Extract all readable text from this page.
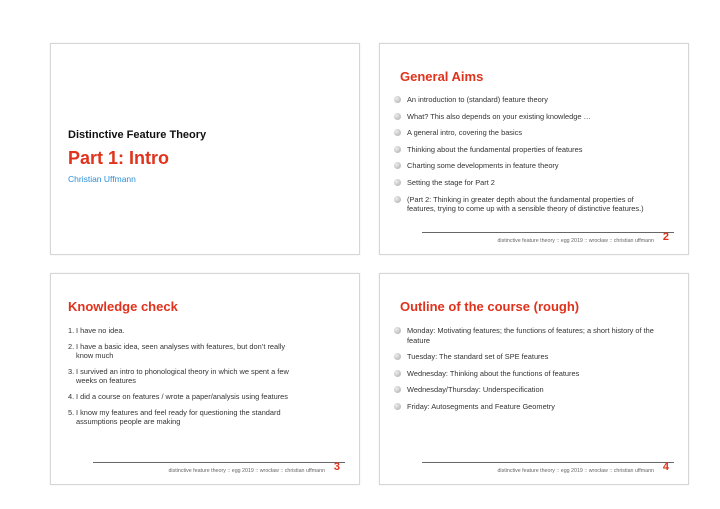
Distinctive Feature Theory
Part 1: Intro
Christian Uffmann
General Aims
An introduction to (standard) feature theory
What? This also depends on your existing knowledge …
A general intro, covering the basics
Thinking about the fundamental properties of features
Charting some developments in feature theory
Setting the stage for Part 2
(Part 2: Thinking in greater depth about the fundamental properties of features, trying to come up with a sensible theory of distinctive features.)
distinctive feature theory :: egg 2019 :: wrocław :: christian uffmann 2
Knowledge check
1. I have no idea.
2. I have a basic idea, seen analyses with features, but don’t really know much
3. I survived an intro to phonological theory in which we spent a few weeks on features
4. I did a course on features / wrote a paper/analysis using features
5. I know my features and feel ready for questioning the standard assumptions people are making
distinctive feature theory :: egg 2019 :: wrocław :: christian uffmann 3
Outline of the course (rough)
Monday: Motivating features; the functions of features; a short history of the feature
Tuesday: The standard set of SPE features
Wednesday: Thinking about the functions of features
Wednesday/Thursday: Underspecification
Friday: Autosegments and Feature Geometry
distinctive feature theory :: egg 2019 :: wrocław :: christian uffmann 4
